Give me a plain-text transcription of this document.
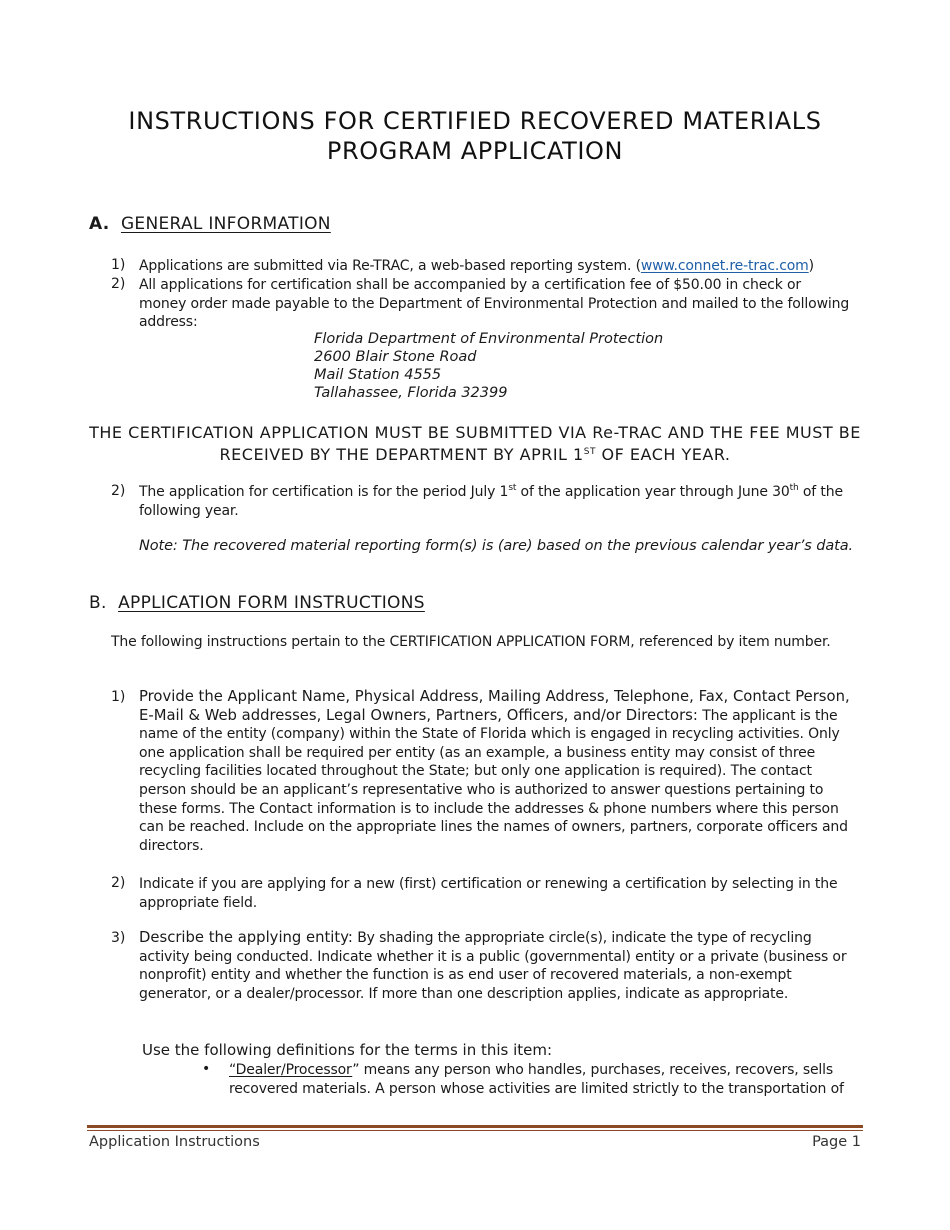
INSTRUCTIONS FOR CERTIFIED RECOVERED MATERIALS
PROGRAM APPLICATION
A. GENERAL INFORMATION
1) Applications are submitted via Re-TRAC, a web-based reporting system. (www.connet.re-trac.com)
2) All applications for certification shall be accompanied by a certification fee of $50.00 in check or money order made payable to the Department of Environmental Protection and mailed to the following address:
Florida Department of Environmental Protection
2600 Blair Stone Road
Mail Station 4555
Tallahassee, Florida 32399
THE CERTIFICATION APPLICATION MUST BE SUBMITTED VIA Re-TRAC AND THE FEE MUST BE RECEIVED BY THE DEPARTMENT BY APRIL 1ST OF EACH YEAR.
2) The application for certification is for the period July 1st of the application year through June 30th of the following year.
Note: The recovered material reporting form(s) is (are) based on the previous calendar year’s data.
B. APPLICATION FORM INSTRUCTIONS
The following instructions pertain to the CERTIFICATION APPLICATION FORM, referenced by item number.
1) Provide the Applicant Name, Physical Address, Mailing Address, Telephone, Fax, Contact Person, E-Mail & Web addresses, Legal Owners, Partners, Officers, and/or Directors: The applicant is the name of the entity (company) within the State of Florida which is engaged in recycling activities. Only one application shall be required per entity (as an example, a business entity may consist of three recycling facilities located throughout the State; but only one application is required). The contact person should be an applicant’s representative who is authorized to answer questions pertaining to these forms. The Contact information is to include the addresses & phone numbers where this person can be reached. Include on the appropriate lines the names of owners, partners, corporate officers and directors.
2) Indicate if you are applying for a new (first) certification or renewing a certification by selecting in the appropriate field.
3) Describe the applying entity: By shading the appropriate circle(s), indicate the type of recycling activity being conducted. Indicate whether it is a public (governmental) entity or a private (business or nonprofit) entity and whether the function is as end user of recovered materials, a non-exempt generator, or a dealer/processor. If more than one description applies, indicate as appropriate.
Use the following definitions for the terms in this item:
• “Dealer/Processor” means any person who handles, purchases, receives, recovers, sells recovered materials. A person whose activities are limited strictly to the transportation of
Application Instructions	Page 1
